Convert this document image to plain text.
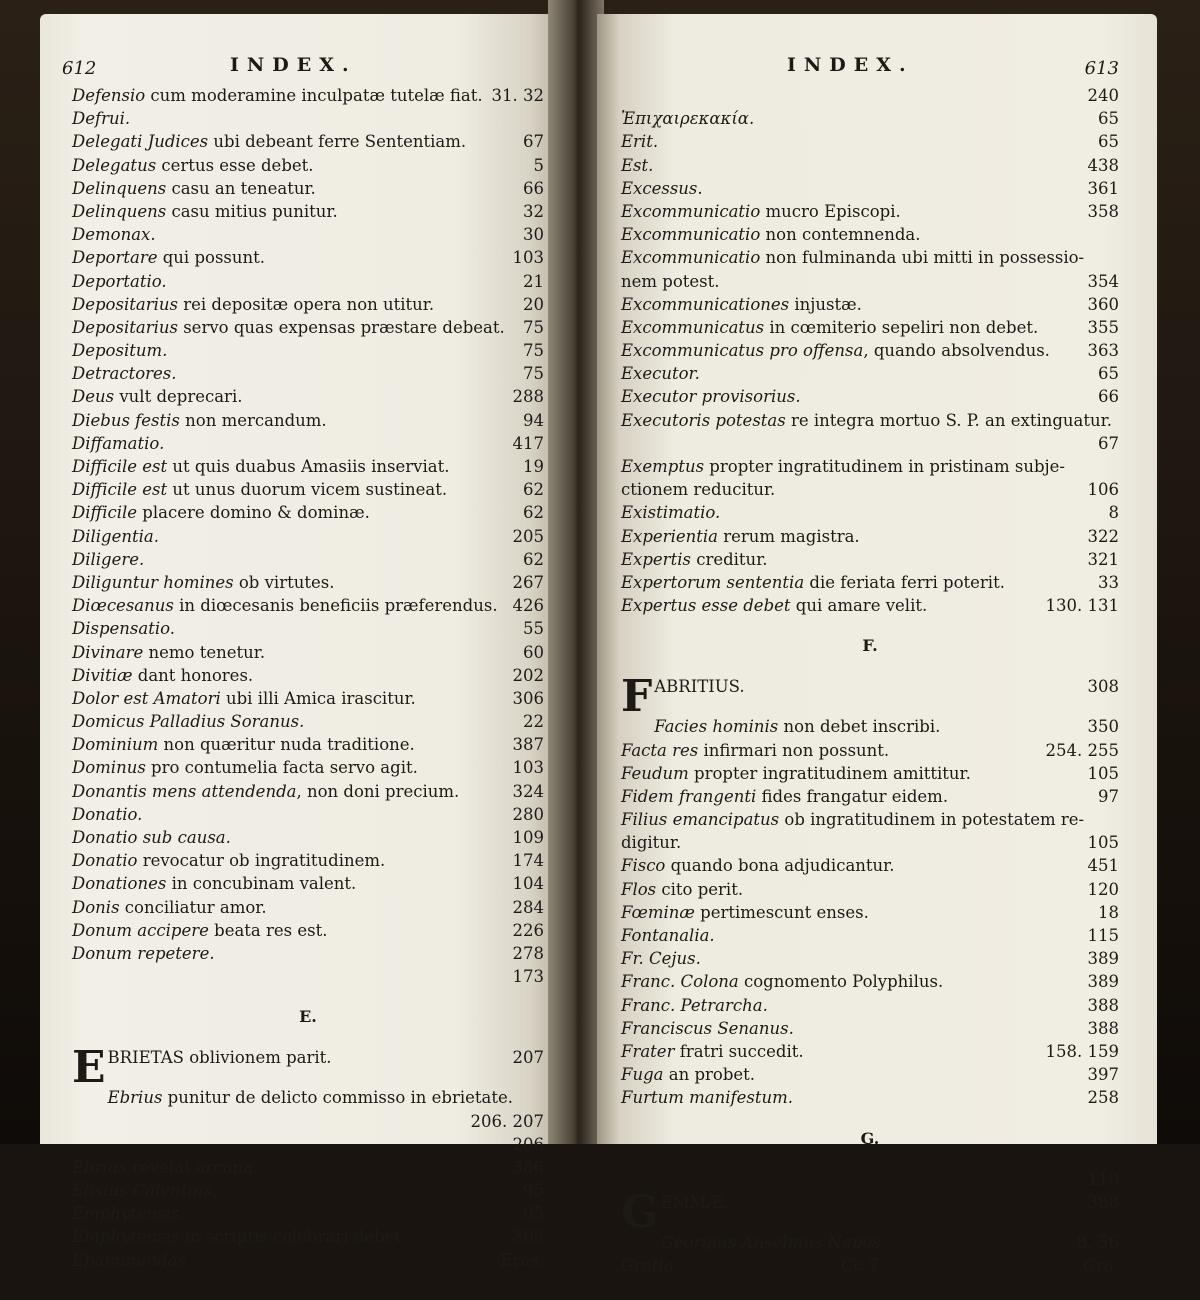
612	INDEX.
Defensio cum moderamine inculpatæ tutelæ fiat. 31. 32
Defrui.
Delegati Judices ubi debeant ferre Sententiam.	67
Delegatus certus esse debet.	5
Delinquens casu an teneatur.	66
Delinquens casu mitius punitur.	32
Demonax.	30
Deportare qui possunt.	103
Deportatio.	21
Depositarius rei depositæ opera non utitur.	20
Depositarius servo quas expensas præstare debeat. 75
Depositum.	75
Detractores.	75
Deus vult deprecari.	288
Diebus festis non mercandum.	94
Diffamatio.	417
Difficile est ut quis duabus Amasiis inserviat.	19
Difficile est ut unus duorum vicem sustineat.	62
Difficile placere domino & dominæ.	62
Diligentia.	205
Diligere.	62
Diliguntur homines ob virtutes.	267
Diœcesanus in diœcesanis beneficiis præferendus. 426
Dispensatio.	55
Divinare nemo tenetur.	60
Divitiæ dant honores.	202
Dolor est Amatori ubi illi Amica irascitur.	306
Domicus Palladius Soranus.	22
Dominium non quæritur nuda traditione.	387
Dominus pro contumelia facta servo agit.	103
Donantis mens attendenda, non doni precium.	324
Donatio.	280
Donatio sub causa.	109
Donatio revocatur ob ingratitudinem.	174
Donationes in concubinam valent.	104
Donis conciliatur amor.	284
Donum accipere beata res est.	226
Donum repetere.	278
173
E.
EBRIETAS oblivionem parit.	207
Ebrius punitur de delicto commisso in ebrietate.
206. 207
206
Ebrius revelat arcana.	386
Elisius Calentius.	95
Emphyteusis.	95
Emphyteusis in scriptis celebrari debet.	308
Epaminundas.	Eras.
INDEX.	613
240
Ἐπιχαιρεκακία.	65
Erit.	65
Est.	438
Excessus.	361
Excommunicatio mucro Episcopi.	358
Excommunicatio non contemnenda.
Excommunicatio non fulminanda ubi mitti in possessio-
nem potest.	354
Excommunicationes injustæ.	360
Excommunicatus in cœmiterio sepeliri non debet.	355
Excommunicatus pro offensa, quando absolvendus. 363
Executor.	65
Executor provisorius.	66
Executoris potestas re integra mortuo S. P. an extinguatur.
67
Exemptus propter ingratitudinem in pristinam subje-
ctionem reducitur.	106
Existimatio.	8
Experientia rerum magistra.	322
Expertis creditur.	321
Expertorum sententia die feriata ferri poterit.	33
Expertus esse debet qui amare velit.	130. 131
F.
FABRITIUS.	308
Facies hominis non debet inscribi.	350
Facta res infirmari non possunt.	254. 255
Feudum propter ingratitudinem amittitur.	105
Fidem frangenti fides frangatur eidem.	97
Filius emancipatus ob ingratitudinem in potestatem re-
digitur.	105
Fisco quando bona adjudicantur.	451
Flos cito perit.	120
Fœminæ pertimescunt enses.	18
Fontanalia.	115
Fr. Cejus.	389
Franc. Colona cognomento Polyphilus.	389
Franc. Petrarcha.	388
Franciscus Senanus.	388
Frater fratri succedit.	158. 159
Fuga an probet.	397
Furtum manifestum.	258
G.
110
GEMMÆ.	388
Georgius Anselmus Nepos.	8. 56
Gratia.	Cc 7	Gra.
